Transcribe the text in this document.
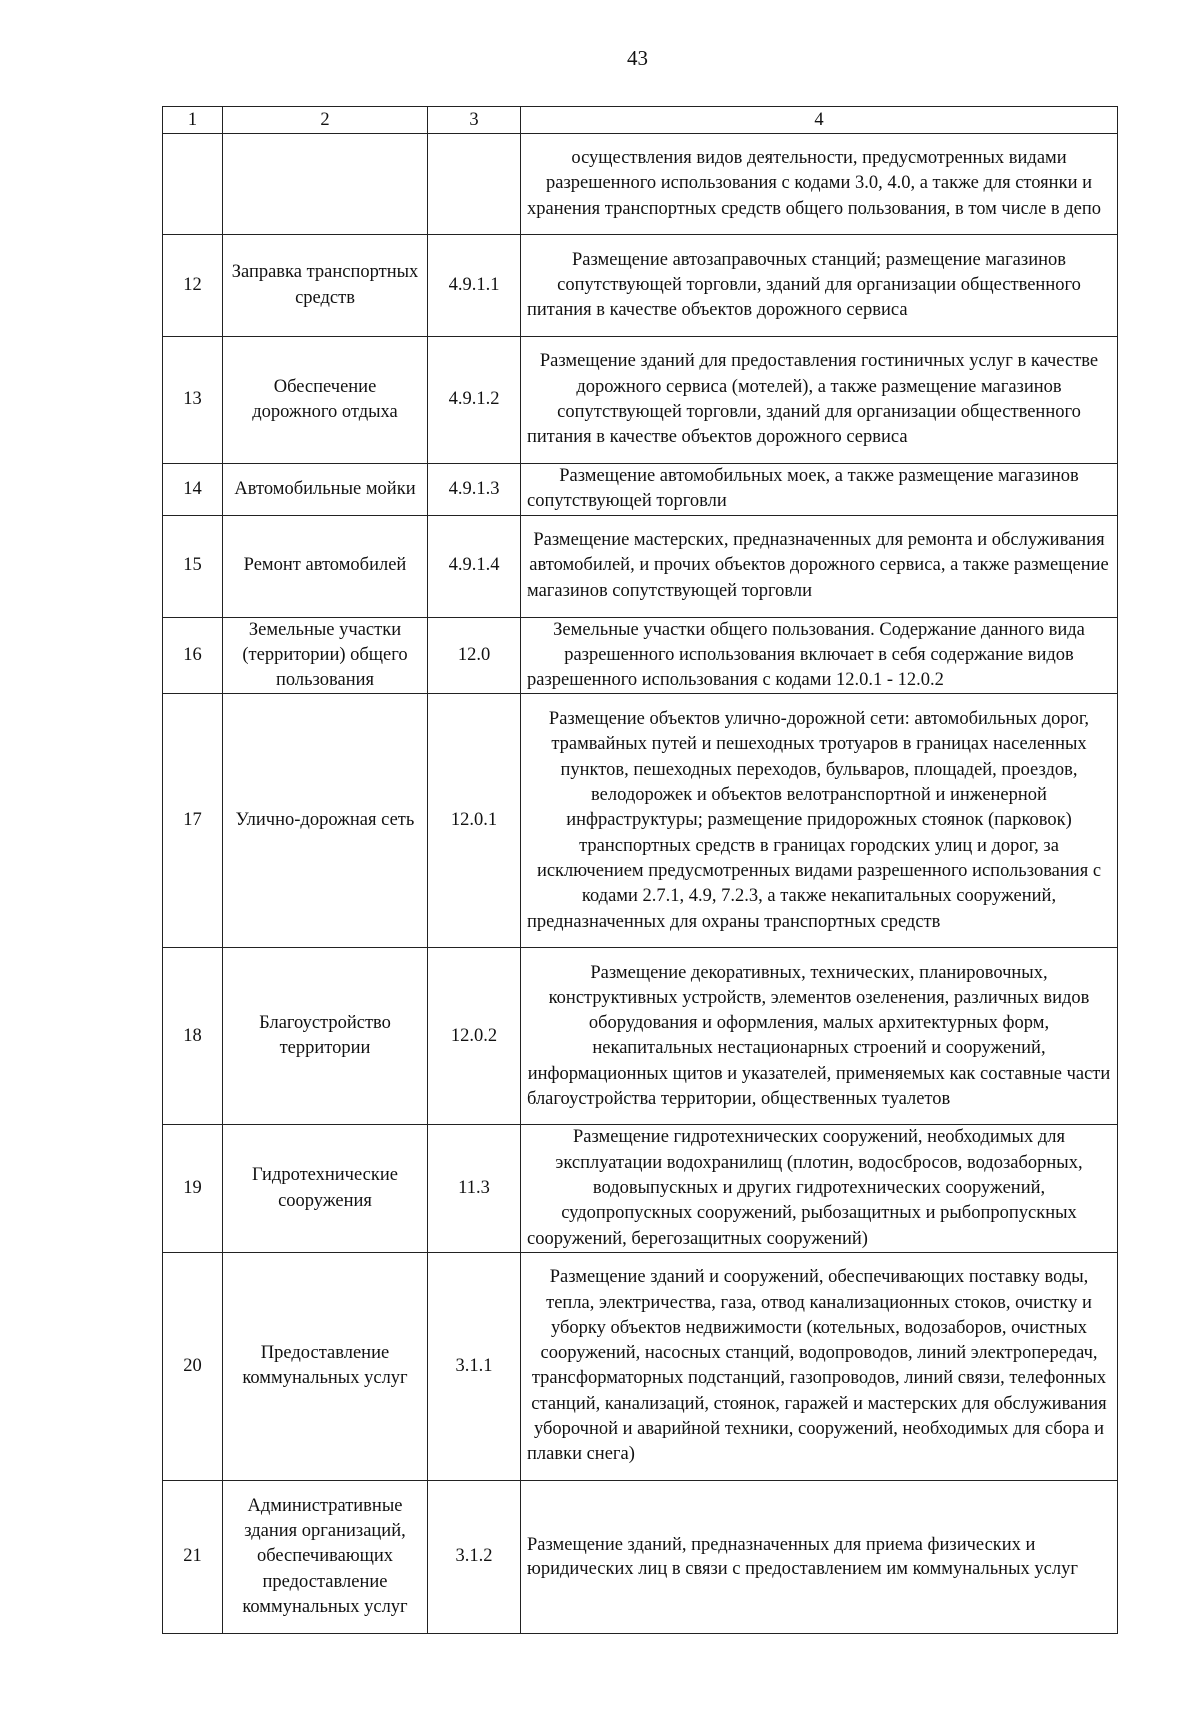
43
1	2	3	4
			осуществления видов деятельности, предусмотренных видами разрешенного использования с кодами 3.0, 4.0, а также для стоянки и хранения транспортных средств общего пользования, в том числе в депо
12	Заправка транспортных средств	4.9.1.1	Размещение автозаправочных станций; размещение магазинов сопутствующей торговли, зданий для организации общественного питания в качестве объектов дорожного сервиса
13	Обеспечение дорожного отдыха	4.9.1.2	Размещение зданий для предоставления гостиничных услуг в качестве дорожного сервиса (мотелей), а также размещение магазинов сопутствующей торговли, зданий для организации общественного питания в качестве объектов дорожного сервиса
14	Автомобильные мойки	4.9.1.3	Размещение автомобильных моек, а также размещение магазинов сопутствующей торговли
15	Ремонт автомобилей	4.9.1.4	Размещение мастерских, предназначенных для ремонта и обслуживания автомобилей, и прочих объектов дорожного сервиса, а также размещение магазинов сопутствующей торговли
16	Земельные участки (территории) общего пользования	12.0	Земельные участки общего пользования. Содержание данного вида разрешенного использования включает в себя содержание видов разрешенного использования с кодами 12.0.1 - 12.0.2
17	Улично-дорожная сеть	12.0.1	Размещение объектов улично-дорожной сети: автомобильных дорог, трамвайных путей и пешеходных тротуаров в границах населенных пунктов, пешеходных переходов, бульваров, площадей, проездов, велодорожек и объектов велотранспортной и инженерной инфраструктуры; размещение придорожных стоянок (парковок) транспортных средств в границах городских улиц и дорог, за исключением предусмотренных видами разрешенного использования с кодами 2.7.1, 4.9, 7.2.3, а также некапитальных сооружений, предназначенных для охраны транспортных средств
18	Благоустройство территории	12.0.2	Размещение декоративных, технических, планировочных, конструктивных устройств, элементов озеленения, различных видов оборудования и оформления, малых архитектурных форм, некапитальных нестационарных строений и сооружений, информационных щитов и указателей, применяемых как составные части благоустройства территории, общественных туалетов
19	Гидротехнические сооружения	11.3	Размещение гидротехнических сооружений, необходимых для эксплуатации водохранилищ (плотин, водосбросов, водозаборных, водовыпускных и других гидротехнических сооружений, судопропускных сооружений, рыбозащитных и рыбопропускных сооружений, берегозащитных сооружений)
20	Предоставление коммунальных услуг	3.1.1	Размещение зданий и сооружений, обеспечивающих поставку воды, тепла, электричества, газа, отвод канализационных стоков, очистку и уборку объектов недвижимости (котельных, водозаборов, очистных сооружений, насосных станций, водопроводов, линий электропередач, трансформаторных подстанций, газопроводов, линий связи, телефонных станций, канализаций, стоянок, гаражей и мастерских для обслуживания уборочной и аварийной техники, сооружений, необходимых для сбора и плавки снега)
21	Административные здания организаций, обеспечивающих предоставление коммунальных услуг	3.1.2	Размещение зданий, предназначенных для приема физических и юридических лиц в связи с предоставлением им коммунальных услуг
